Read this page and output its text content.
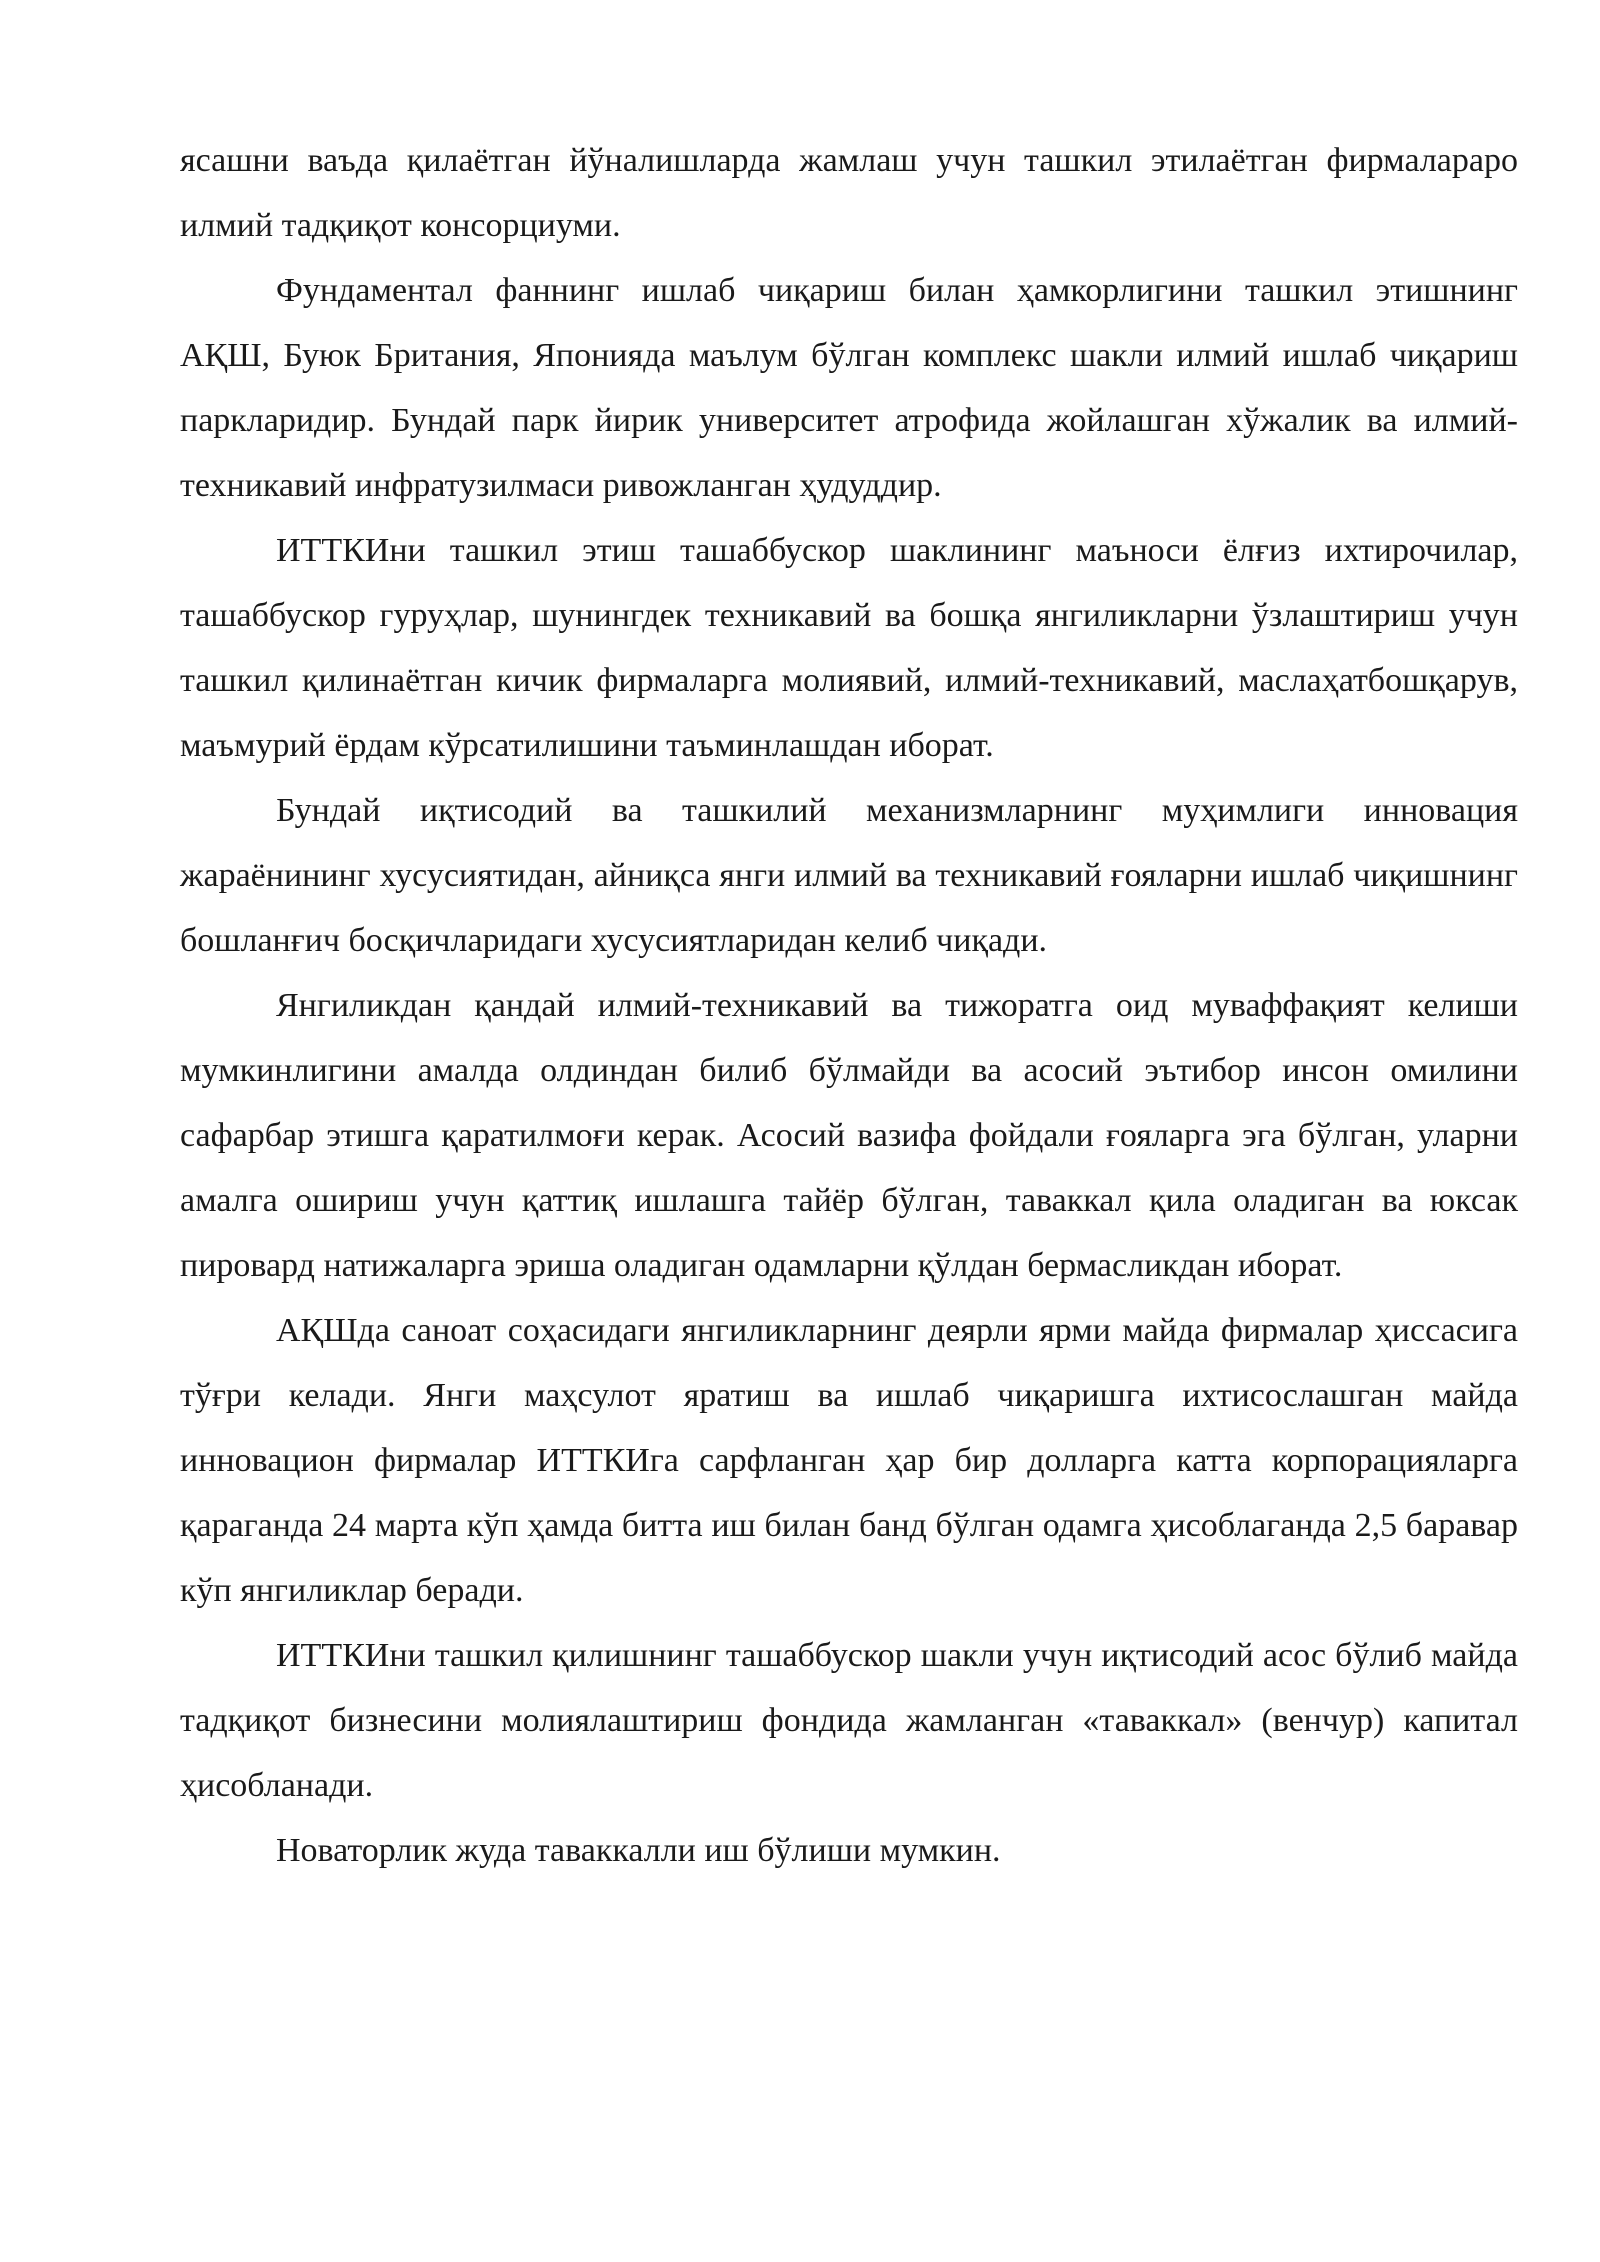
ясашни ваъда қилаётган йўналишларда жамлаш учун ташкил этилаётган фирмалараро илмий тадқиқот консорциуми.

Фундаментал фаннинг ишлаб чиқариш билан ҳамкорлигини ташкил этишнинг АҚШ, Буюк Британия, Японияда маълум бўлган комплекс шакли илмий ишлаб чиқариш паркларидир. Бундай парк йирик университет атрофида жойлашган хўжалик ва илмий-техникавий инфратузилмаси ривожланган ҳудуддир.

ИТТКИни ташкил этиш ташаббускор шаклининг маъноси ёлғиз ихтирочилар, ташаббускор гуруҳлар, шунингдек техникавий ва бошқа янгиликларни ўзлаштириш учун ташкил қилинаётган кичик фирмаларга молиявий, илмий-техникавий, маслаҳатбошқарув, маъмурий ёрдам кўрсатилишини таъминлашдан иборат.

Бундай иқтисодий ва ташкилий механизмларнинг муҳимлиги инновация жараёнининг хусусиятидан, айниқса янги илмий ва техникавий ғояларни ишлаб чиқишнинг бошланғич босқичларидаги хусусиятларидан келиб чиқади.

Янгиликдан қандай илмий-техникавий ва тижоратга оид муваффақият келиши мумкинлигини амалда олдиндан билиб бўлмайди ва асосий эътибор инсон омилини сафарбар этишга қаратилмоғи керак. Асосий вазифа фойдали ғояларга эга бўлган, уларни амалга ошириш учун қаттиқ ишлашга тайёр бўлган, таваккал қила оладиган ва юксак пировард натижаларга эриша оладиган одамларни қўлдан бермасликдан иборат.

АҚШда саноат соҳасидаги янгиликларнинг деярли ярми майда фирмалар ҳиссасига тўғри келади. Янги маҳсулот яратиш ва ишлаб чиқаришга ихтисослашган майда инновацион фирмалар ИТТКИга сарфланган ҳар бир долларга катта корпорацияларга қараганда 24 марта кўп ҳамда битта иш билан банд бўлган одамга ҳисоблаганда 2,5 баравар кўп янгиликлар беради.

ИТТКИни ташкил қилишнинг ташаббускор шакли учун иқтисодий асос бўлиб майда тадқиқот бизнесини молиялаштириш фондида жамланган «таваккал» (венчур) капитал ҳисобланади.

Новаторлик жуда таваккалли иш бўлиши мумкин.
